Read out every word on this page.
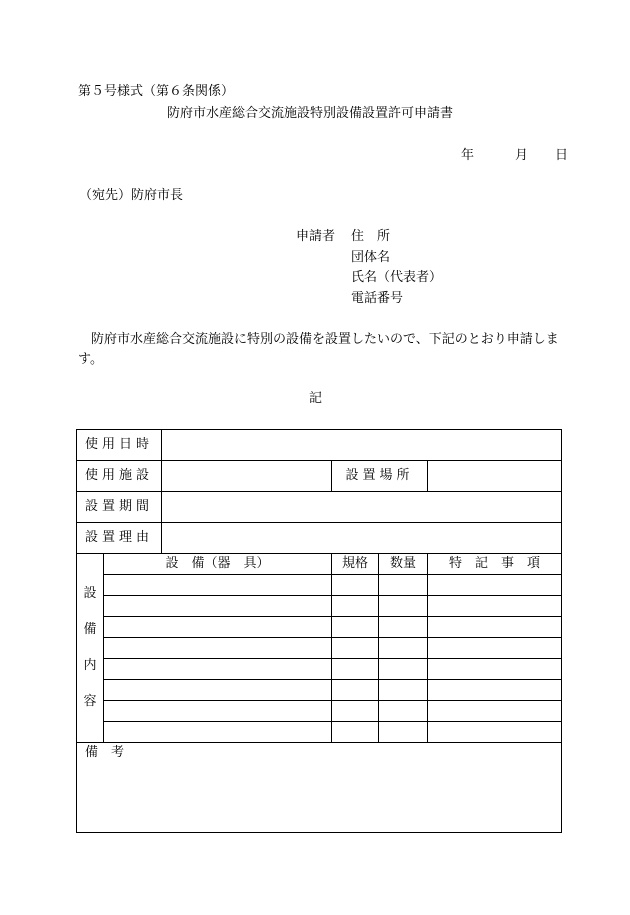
第５号様式（第６条関係）
防府市水産総合交流施設特別設備設置許可申請書
年	月 日
（宛先）防府市長
申請者 住　所
団体名
氏名（代表者）
電話番号
防府市水産総合交流施設に特別の設備を設置したいので、下記のとおり申請します。
記
使用日時					
使用施設			設置場所		
設置期間					
設置理由					

設
備
内
容	設　備（器　具）		規格	数量	特　記　事　項

備　考					
